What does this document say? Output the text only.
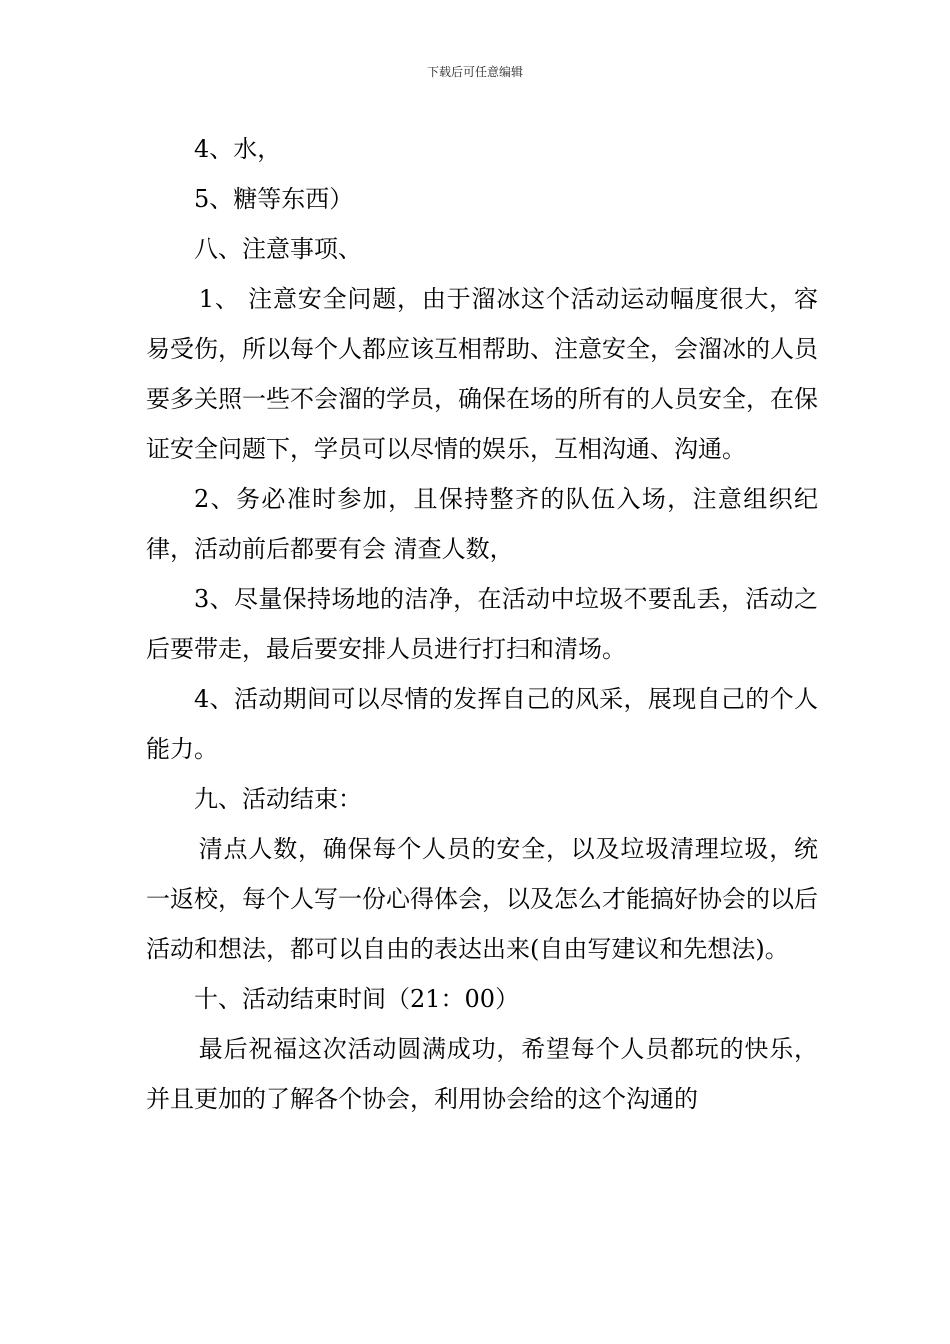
下载后可任意编辑

4、水，

5、糖等东西）

八、注意事项、

1、 注意安全问题，由于溜冰这个活动运动幅度很大，容易受伤，所以每个人都应该互相帮助、注意安全，会溜冰的人员要多关照一些不会溜的学员，确保在场的所有的人员安全，在保证安全问题下，学员可以尽情的娱乐，互相沟通、沟通。

2、务必准时参加，且保持整齐的队伍入场，注意组织纪律，活动前后都要有会 清查人数，

3、尽量保持场地的洁净，在活动中垃圾不要乱丢，活动之后要带走，最后要安排人员进行打扫和清场。

4、活动期间可以尽情的发挥自己的风采，展现自己的个人能力。

九、活动结束：

清点人数，确保每个人员的安全，以及垃圾清理垃圾，统一返校，每个人写一份心得体会，以及怎么才能搞好协会的以后活动和想法，都可以自由的表达出来(自由写建议和先想法)。

十、活动结束时间（21：00）

最后祝福这次活动圆满成功，希望每个人员都玩的快乐，并且更加的了解各个协会，利用协会给的这个沟通的
